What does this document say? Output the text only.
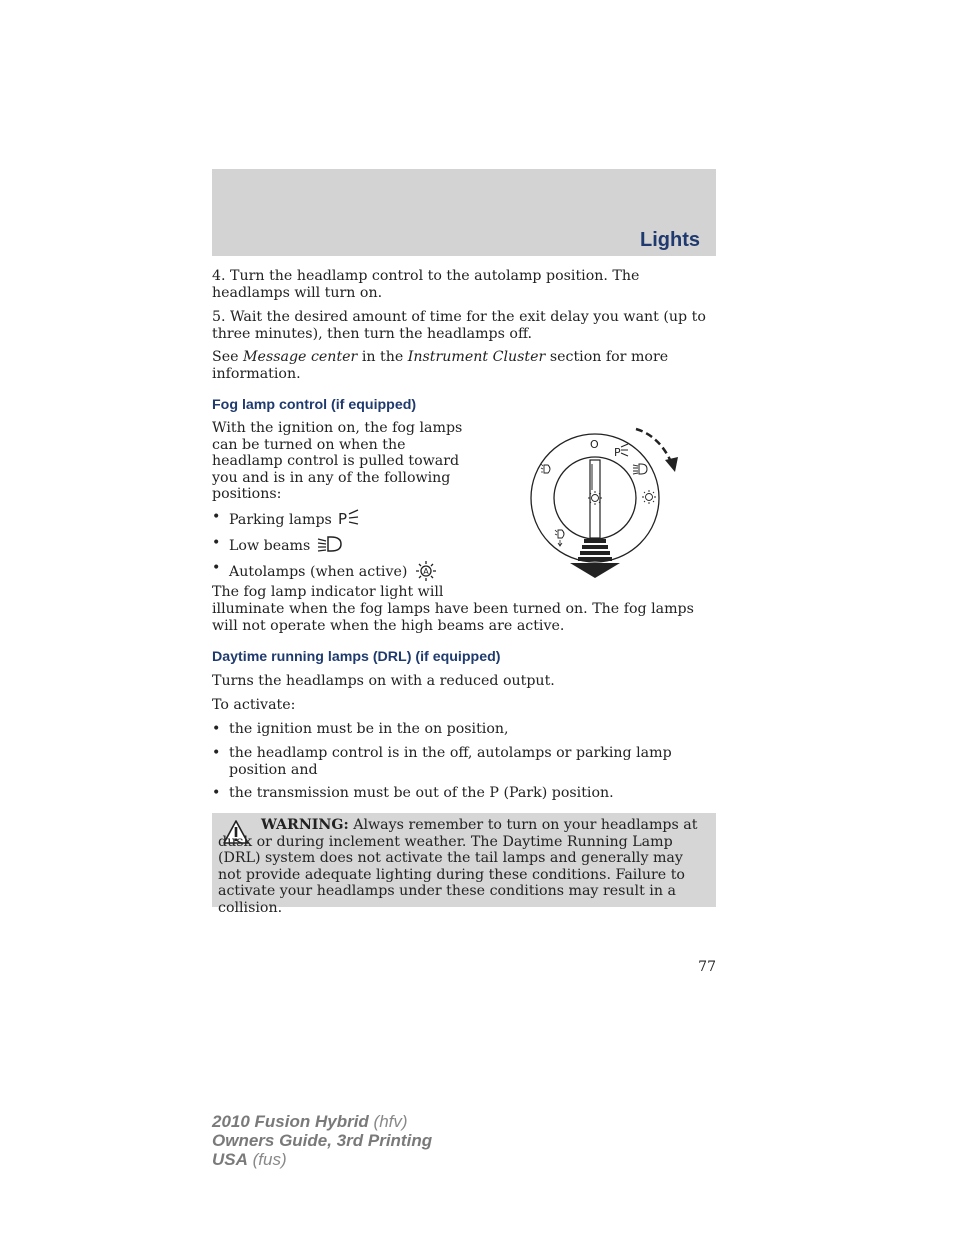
Lights

4. Turn the headlamp control to the autolamp position. The headlamps will turn on.

5. Wait the desired amount of time for the exit delay you want (up to three minutes), then turn the headlamps off.

See Message center in the Instrument Cluster section for more information.

Fog lamp control (if equipped)
With the ignition on, the fog lamps
can be turned on when the
headlamp control is pulled toward
you and is in any of the following
positions:
• Parking lamps P
• Low beams
• Autolamps (when active) A

The fog lamp indicator light will

illuminate when the fog lamps have been turned on. The fog lamps will not operate when the high beams are active.

O
P
Daytime running lamps (DRL) (if equipped)

Turns the headlamps on with a reduced output.

To activate:

• the ignition must be in the on position,
• the headlamp control is in the off, autolamps or parking lamp position and
• the transmission must be out of the P (Park) position.
WARNING: Always remember to turn on your headlamps at dusk or during inclement weather. The Daytime Running Lamp (DRL) system does not activate the tail lamps and generally may not provide adequate lighting during these conditions. Failure to activate your headlamps under these conditions may result in a collision.
77
2010 Fusion Hybrid (hfv)
Owners Guide, 3rd Printing
USA (fus)
